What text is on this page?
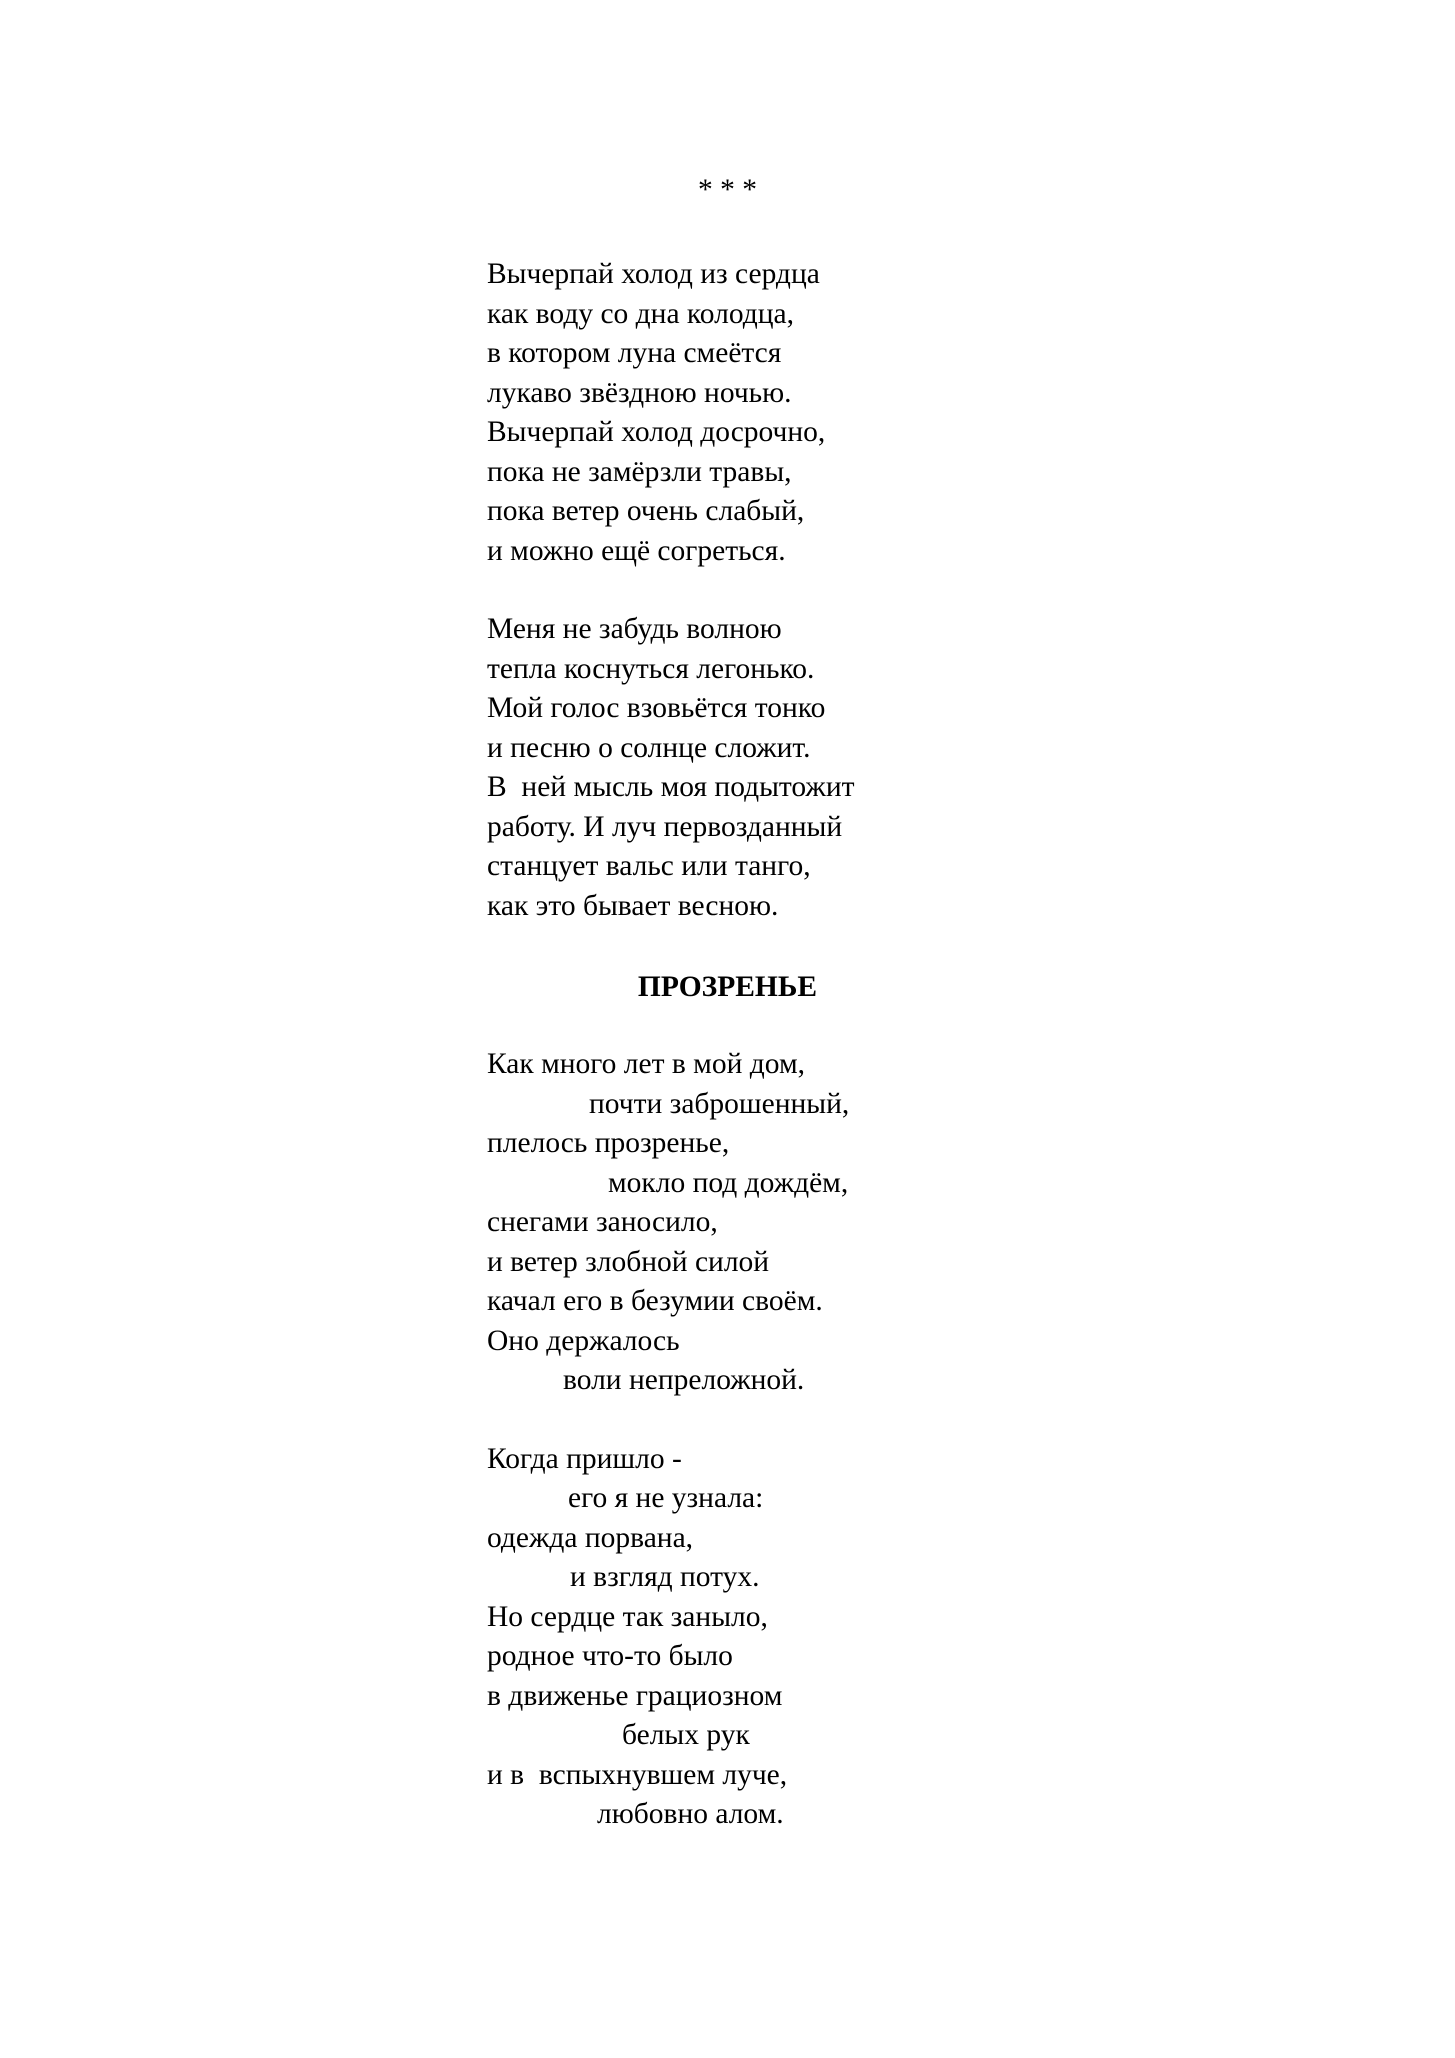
* * *
Вычерпай холод из сердца
как воду со дна колодца,
в котором луна смеётся
лукаво звёздною ночью.
Вычерпай холод досрочно,
пока не замёрзли травы,
пока ветер очень слабый,
и можно ещё согреться.
Меня не забудь волною
тепла коснуться легонько.
Мой голос взовьётся тонко
и песню о солнце сложит.
В  ней мысль моя подытожит
работу. И луч первозданный
станцует вальс или танго,
как это бывает весною.
ПРОЗРЕНЬЕ
Как много лет в мой дом,
почти заброшенный,
плелось прозренье,
мокло под дождём,
снегами заносило,
и ветер злобной силой
качал его в безумии своём.
Оно держалось
воли непреложной.
Когда пришло -
его я не узнала:
одежда порвана,
и взгляд потух.
Но сердце так заныло,
родное что-то было
в движенье грациозном
белых рук
и в  вспыхнувшем луче,
любовно алом.
